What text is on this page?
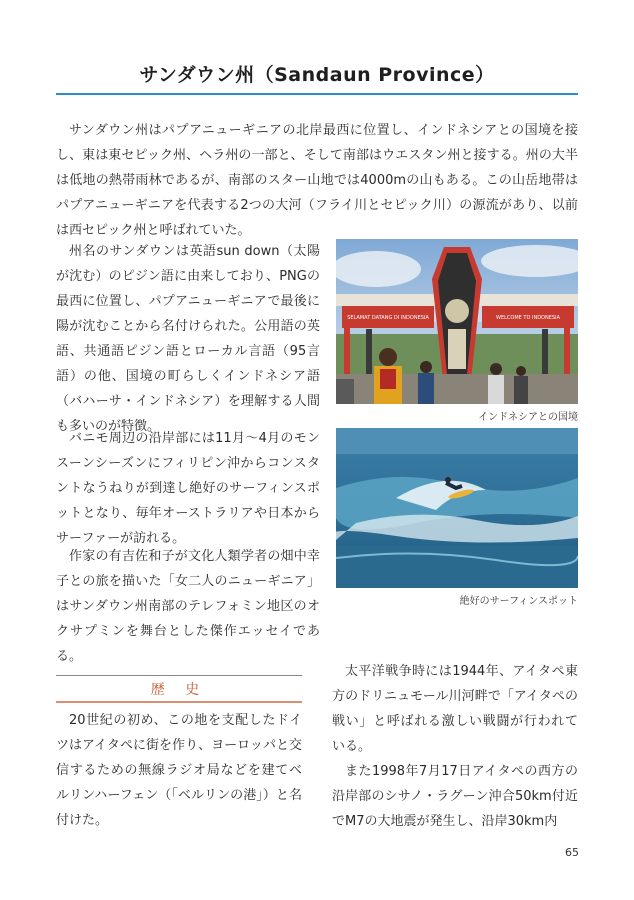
サンダウン州（Sandaun Province）

サンダウン州はパプアニューギニアの北岸最西に位置し、インドネシアとの国境を接し、東は東セピック州、ヘラ州の一部と、そして南部はウエスタン州と接する。州の大半は低地の熱帯雨林であるが、南部のスター山地では4000mの山もある。この山岳地帯はパプアニューギニアを代表する2つの大河（フライ川とセピック川）の源流があり、以前は西セピック州と呼ばれていた。

州名のサンダウンは英語sun down（太陽が沈む）のピジン語に由来しており、PNGの最西に位置し、パプアニューギニアで最後に陽が沈むことから名付けられた。公用語の英語、共通語ピジン語とローカル言語（95言語）の他、国境の町らしくインドネシア語（バハーサ・インドネシア）を理解する人間も多いのが特徴。

バニモ周辺の沿岸部には11月〜4月のモンスーンシーズンにフィリピン沖からコンスタントなうねりが到達し絶好のサーフィンスポットとなり、毎年オーストラリアや日本からサーファーが訪れる。

作家の有吉佐和子が文化人類学者の畑中幸子との旅を描いた「女二人のニューギニア」はサンダウン州南部のテレフォミン地区のオクサプミンを舞台とした傑作エッセイである。

SELAMAT DATANG DI INDONESIA	WELCOME TO INDONESIA
インドネシアとの国境
絶好のサーフィンスポット
歴 史

20世紀の初め、この地を支配したドイツはアイタペに街を作り、ヨーロッパと交信するための無線ラジオ局などを建てベルリンハーフェン（「ベルリンの港」）と名付けた。

太平洋戦争時には1944年、アイタペ東方のドリニュモール川河畔で「アイタペの戦い」と呼ばれる激しい戦闘が行われている。

また1998年7月17日アイタペの西方の沿岸部のシサノ・ラグーン沖合50km付近でM7の大地震が発生し、沿岸30km内

65
